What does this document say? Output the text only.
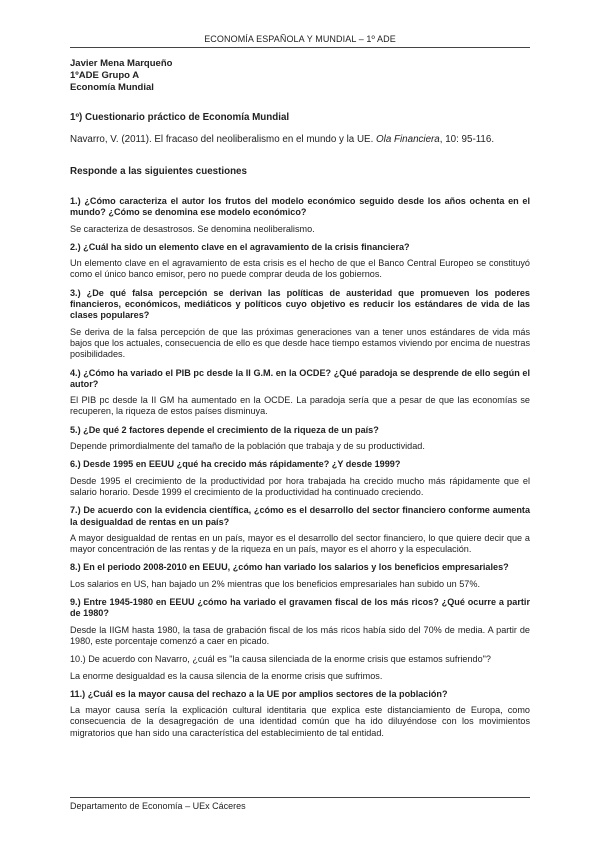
ECONOMÍA ESPAÑOLA Y MUNDIAL – 1º ADE
Javier Mena Marqueño
1ºADE Grupo A
Economía Mundial
1º) Cuestionario práctico de Economía Mundial
Navarro, V. (2011). El fracaso del neoliberalismo en el mundo y la UE. Ola Financiera, 10: 95-116.
Responde a las siguientes cuestiones

1.) ¿Cómo caracteriza el autor los frutos del modelo económico seguido desde los años ochenta en el mundo? ¿Cómo se denomina ese modelo económico?

Se caracteriza de desastrosos. Se denomina neoliberalismo.

2.) ¿Cuál ha sido un elemento clave en el agravamiento de la crisis financiera?

Un elemento clave en el agravamiento de esta crisis es el hecho de que el Banco Central Europeo se constituyó como el único banco emisor, pero no puede comprar deuda de los gobiernos.

3.) ¿De qué falsa percepción se derivan las políticas de austeridad que promueven los poderes financieros, económicos, mediáticos y políticos cuyo objetivo es reducir los estándares de vida de las clases populares?

Se deriva de la falsa percepción de que las próximas generaciones van a tener unos estándares de vida más bajos que los actuales, consecuencia de ello es que desde hace tiempo estamos viviendo por encima de nuestras posibilidades.

4.) ¿Cómo ha variado el PIB pc desde la II G.M. en la OCDE? ¿Qué paradoja se desprende de ello según el autor?

El PIB pc desde la II GM ha aumentado en la OCDE. La paradoja sería que a pesar de que las economías se recuperen, la riqueza de estos países disminuya.

5.) ¿De qué 2 factores depende el crecimiento de la riqueza de un país?

Depende primordialmente del tamaño de la población que trabaja y de su productividad.

6.) Desde 1995 en EEUU ¿qué ha crecido más rápidamente? ¿Y desde 1999?

Desde 1995 el crecimiento de la productividad por hora trabajada ha crecido mucho más rápidamente que el salario horario. Desde 1999 el crecimiento de la productividad ha continuado creciendo.

7.) De acuerdo con la evidencia científica, ¿cómo es el desarrollo del sector financiero conforme aumenta la desigualdad de rentas en un país?

A mayor desigualdad de rentas en un país, mayor es el desarrollo del sector financiero, lo que quiere decir que a mayor concentración de las rentas y de la riqueza en un país, mayor es el ahorro y la especulación.

8.) En el periodo 2008-2010 en EEUU, ¿cómo han variado los salarios y los beneficios empresariales?

Los salarios en US, han bajado un 2% mientras que los beneficios empresariales han subido un 57%.

9.) Entre 1945-1980 en EEUU ¿cómo ha variado el gravamen fiscal de los más ricos? ¿Qué ocurre a partir de 1980?

Desde la IIGM hasta 1980, la tasa de grabación fiscal de los más ricos había sido del 70% de media. A partir de 1980, este porcentaje comenzó a caer en picado.

10.) De acuerdo con Navarro, ¿cuál es "la causa silenciada de la enorme crisis que estamos sufriendo"?

La enorme desigualdad es la causa silencia de la enorme crisis que sufrimos.

11.) ¿Cuál es la mayor causa del rechazo a la UE por amplios sectores de la población?

La mayor causa sería la explicación cultural identitaria que explica este distanciamiento de Europa, como consecuencia de la desagregación de una identidad común que ha ido diluyéndose con los movimientos migratorios que han sido una característica del establecimiento de tal entidad.

Departamento de Economía – UEx Cáceres
